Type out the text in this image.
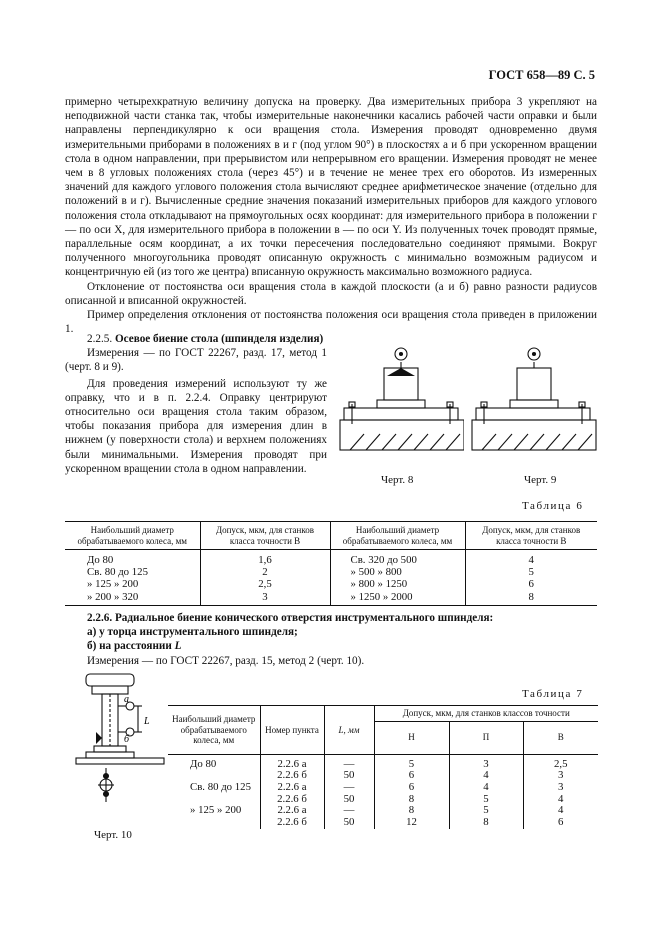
ГОСТ 658—89 С. 5

примерно четырехкратную величину допуска на проверку. Два измерительных прибора 3 укрепляют на неподвижной части станка так, чтобы измерительные наконечники касались рабочей части оправки и были направлены перпендикулярно к оси вращения стола. Измерения проводят одновременно двумя измерительными приборами в положениях в и г (под углом 90°) в плоскостях а и б при ускоренном вращении стола в одном направлении, при прерывистом или непрерывном его вращении. Измерения проводят не менее чем в 8 угловых положениях стола (через 45°) и в течение не менее трех его оборотов. Из измеренных значений для каждого углового положения стола вычисляют среднее арифметическое значение (отдельно для положений в и г). Вычисленные средние значения показаний измерительных приборов для каждого углового положения стола откладывают на прямоугольных осях координат: для измерительного прибора в положении г — по оси X, для измерительного прибора в положении в — по оси Y. Из полученных точек проводят прямые, параллельные осям координат, а их точки пересечения последовательно соединяют прямыми. Вокруг полученного многоугольника проводят описанную окружность с минимально возможным радиусом и концентричную ей (из того же центра) вписанную окружность максимально возможного радиуса.

Отклонение от постоянства оси вращения стола в каждой плоскости (а и б) равно разности радиусов описанной и вписанной окружностей.

Пример определения отклонения от постоянства положения оси вращения стола приведен в приложении 1.

2.2.5. Осевое биение стола (шпинделя изделия)

Измерения — по ГОСТ 22267, разд. 17, метод 1 (черт. 8 и 9).

Для проведения измерений используют ту же оправку, что и в п. 2.2.4. Оправку центрируют относительно оси вращения стола таким образом, чтобы показания прибора для измерения длин в нижнем (у поверхности стола) и верхнем положениях были минимальными. Измерения проводят при ускоренном вращении стола в одном направлении.

Черт. 8	Черт. 9
Таблица 6
Наибольший диаметр обрабатываемого колеса, мм	Допуск, мкм, для станков класса точности В	Наибольший диаметр обрабатываемого колеса, мм	Допуск, мкм, для станков класса точности В
До 80	1,6	Св. 320 до 500	4
Св. 80 до 125	2	» 500 » 800	5
» 125 » 200	2,5	» 800 » 1250	6
» 200 » 320	3	» 1250 » 2000	8

2.2.6. Радиальное биение конического отверстия инструментального шпинделя:

а) у торца инструментального шпинделя;

б) на расстоянии L

Измерения — по ГОСТ 22267, разд. 15, метод 2 (черт. 10).

а
б
L
Черт. 10
Таблица 7
Наибольший диаметр обрабатываемого колеса, мм	Номер пункта	L, мм	Допуск, мкм, для станков классов точности		
			Н	П	В
До 80	2.2.6 а	—	5	3	2,5
	2.2.6 б	50	6	4	3
Св. 80 до 125	2.2.6 а	—	6	4	3
	2.2.6 б	50	8	5	4
» 125 » 200	2.2.6 а	—	8	5	4
	2.2.6 б	50	12	8	6
